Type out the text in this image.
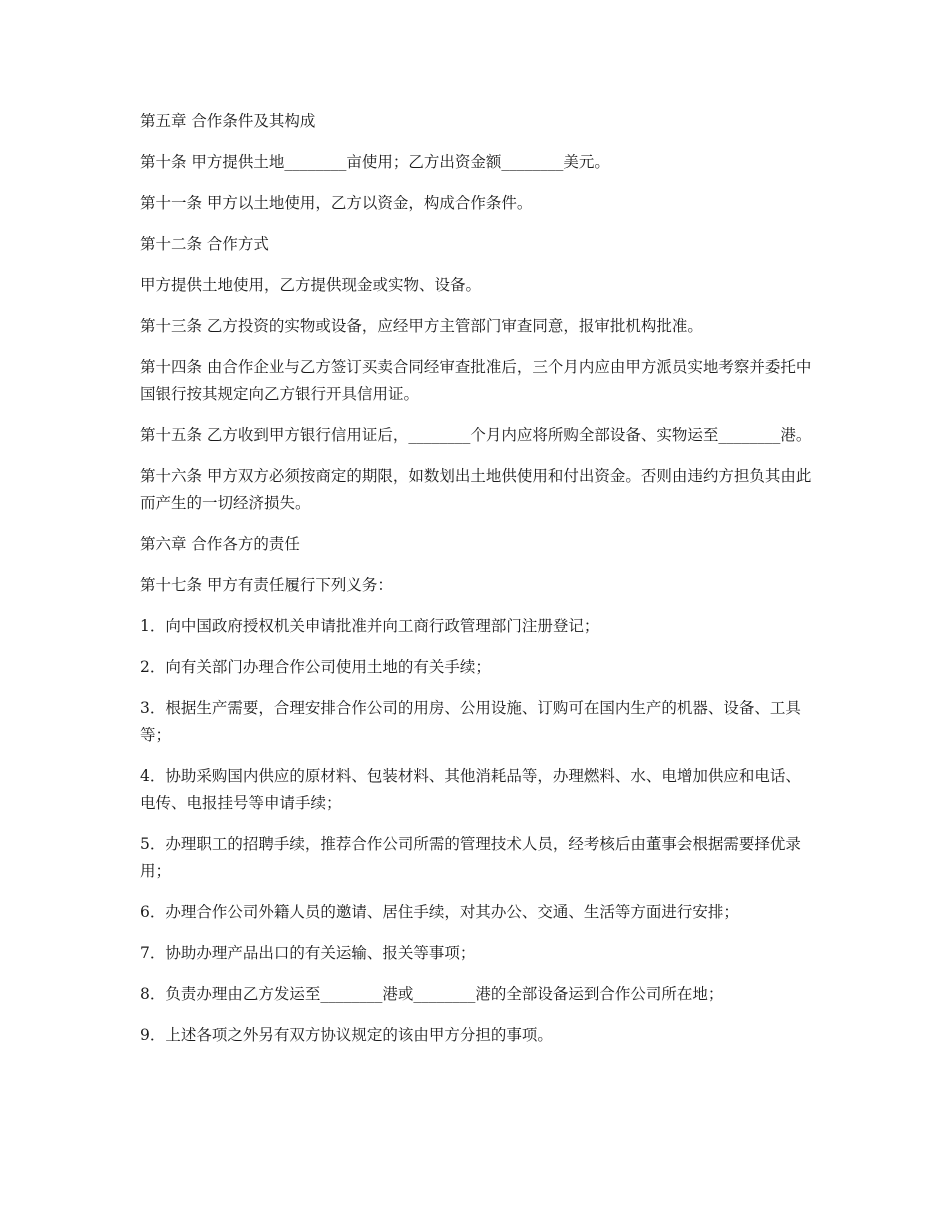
第五章 合作条件及其构成

第十条 甲方提供土地________亩使用；乙方出资金额________美元。

第十一条 甲方以土地使用，乙方以资金，构成合作条件。

第十二条 合作方式

甲方提供土地使用，乙方提供现金或实物、设备。

第十三条 乙方投资的实物或设备，应经甲方主管部门审查同意，报审批机构批准。

第十四条 由合作企业与乙方签订买卖合同经审查批准后，三个月内应由甲方派员实地考察并委托中国银行按其规定向乙方银行开具信用证。

第十五条 乙方收到甲方银行信用证后，________个月内应将所购全部设备、实物运至________港。

第十六条 甲方双方必须按商定的期限，如数划出土地供使用和付出资金。否则由违约方担负其由此而产生的一切经济损失。

第六章 合作各方的责任

第十七条 甲方有责任履行下列义务：

1．向中国政府授权机关申请批准并向工商行政管理部门注册登记；

2．向有关部门办理合作公司使用土地的有关手续；

3．根据生产需要，合理安排合作公司的用房、公用设施、订购可在国内生产的机器、设备、工具等；

4．协助采购国内供应的原材料、包装材料、其他消耗品等，办理燃料、水、电增加供应和电话、电传、电报挂号等申请手续；

5．办理职工的招聘手续，推荐合作公司所需的管理技术人员，经考核后由董事会根据需要择优录用；

6．办理合作公司外籍人员的邀请、居住手续，对其办公、交通、生活等方面进行安排；

7．协助办理产品出口的有关运输、报关等事项；

8．负责办理由乙方发运至________港或________港的全部设备运到合作公司所在地；

9．上述各项之外另有双方协议规定的该由甲方分担的事项。
